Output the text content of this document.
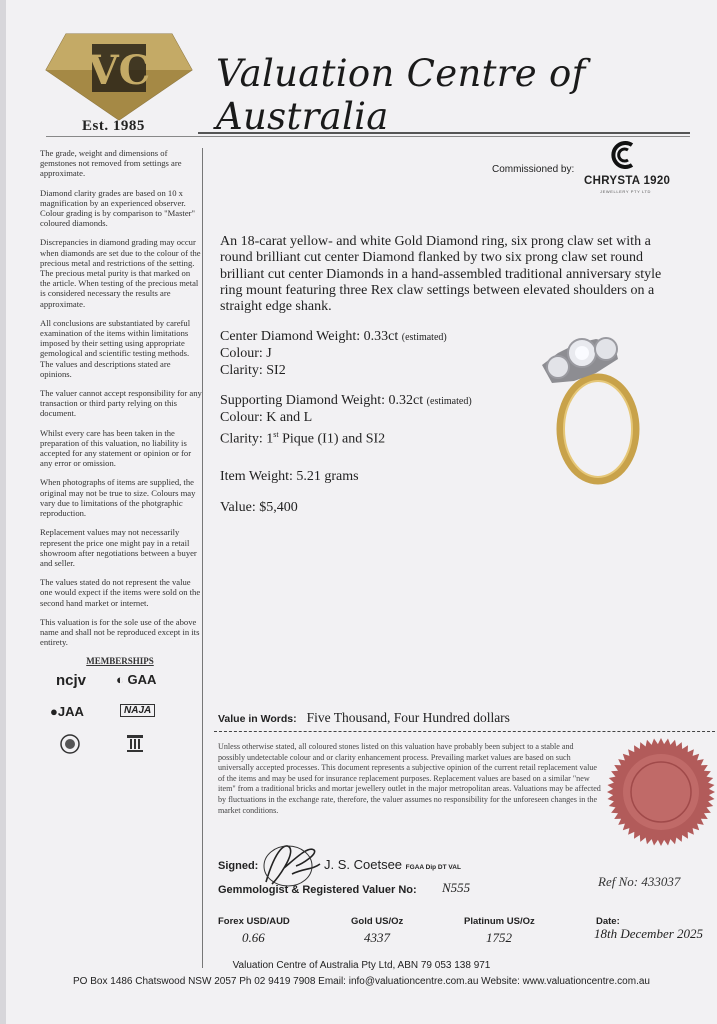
VC
Est. 1985
Valuation Centre of Australia

The grade, weight and dimensions of gemstones not removed from settings are approximate.

Diamond clarity grades are based on 10 x magnification by an experienced observer. Colour grading is by comparison to "Master" coloured diamonds.

Discrepancies in diamond grading may occur when diamonds are set due to the colour of the precious metal and restrictions of the setting. The precious metal purity is that marked on the article. When testing of the precious metal is considered necessary the results are approximate.

All conclusions are substantiated by careful examination of the items within limitations imposed by their setting using appropriate gemological and scientific testing methods. The values and descriptions stated are opinions.

The valuer cannot accept responsibility for any transaction or third party relying on this document.

Whilst every care has been taken in the preparation of this valuation, no liability is accepted for any statement or opinion or for any error or omission.

When photographs of items are supplied, the original may not be true to size. Colours may vary due to limitations of the photgraphic reproduction.

Replacement values may not necessarily represent the price one might pay in a retail showroom after negotiations between a buyer and seller.

The values stated do not represent the value one would expect if the items were sold on the second hand market or internet.

This valuation is for the sole use of the above name and shall not be reproduced except in its entirety.

MEMBERSHIPS
ncjv ◐ GAA
●JAA	NAJA
Commissioned by:
CHRYSTA 1920
JEWELLERY PTY LTD
An 18-carat yellow- and white Gold Diamond ring, six prong claw set with a round brilliant cut center Diamond flanked by two six prong claw set round brilliant cut center Diamonds in a hand-assembled traditional anniversary style ring mount featuring three Rex claw settings between elevated shoulders on a straight edge shank.
Center Diamond Weight: 0.33ct (estimated)
Colour: J
Clarity: SI2
Supporting Diamond Weight: 0.32ct (estimated)
Colour: K and L
Clarity: 1st Pique (I1) and SI2
Item Weight: 5.21 grams
Value: $5,400
Value in Words: Five Thousand, Four Hundred dollars
Unless otherwise stated, all coloured stones listed on this valuation have probably been subject to a stable and possibly undetectable colour and or clarity enhancement process. Prevailing market values are based on such universally accepted processes. This document represents a subjective opinion of the current retail replacement value of the items and may be used for insurance replacement purposes. Replacement values are based on a similar "new item" from a traditional bricks and mortar jewellery outlet in the major metropolitan areas. Valuations may be affected by fluctuations in the exchange rate, therefore, the valuer assumes no responsibility for the unforeseen changes in the market conditions.
Signed:	J. S. Coetsee FGAA Dip DT VAL
Gemmologist & Registered Valuer No: N555	Ref No: 433037
Forex USD/AUD
0.66
Gold US/Oz
4337
Platinum US/Oz
1752
Date:
18th December 2025
Valuation Centre of Australia Pty Ltd, ABN 79 053 138 971
PO Box 1486 Chatswood NSW 2057 Ph 02 9419 7908 Email: info@valuationcentre.com.au Website: www.valuationcentre.com.au
